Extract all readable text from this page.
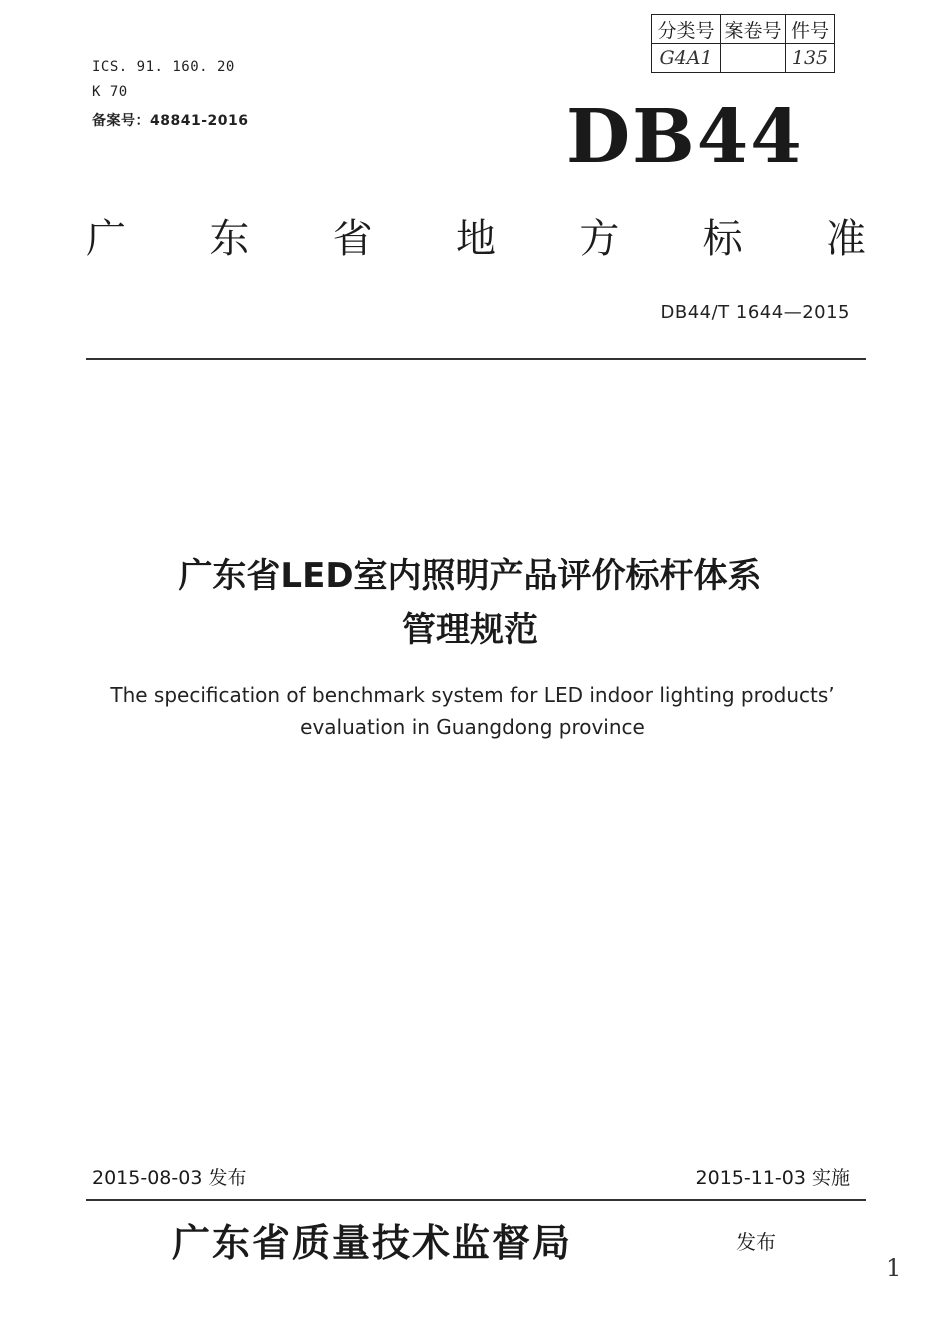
ICS. 91. 160. 20
K 70
备案号：48841-2016
分类号	案卷号	件号
G4A1		135
DB44
广 东 省 地 方 标 准
DB44/T 1644—2015
广东省LED室内照明产品评价标杆体系
管理规范
The specification of benchmark system for LED indoor lighting products’
evaluation in Guangdong province
2015-08-03 发布	2015-11-03 实施
广东省质量技术监督局	发布
1
